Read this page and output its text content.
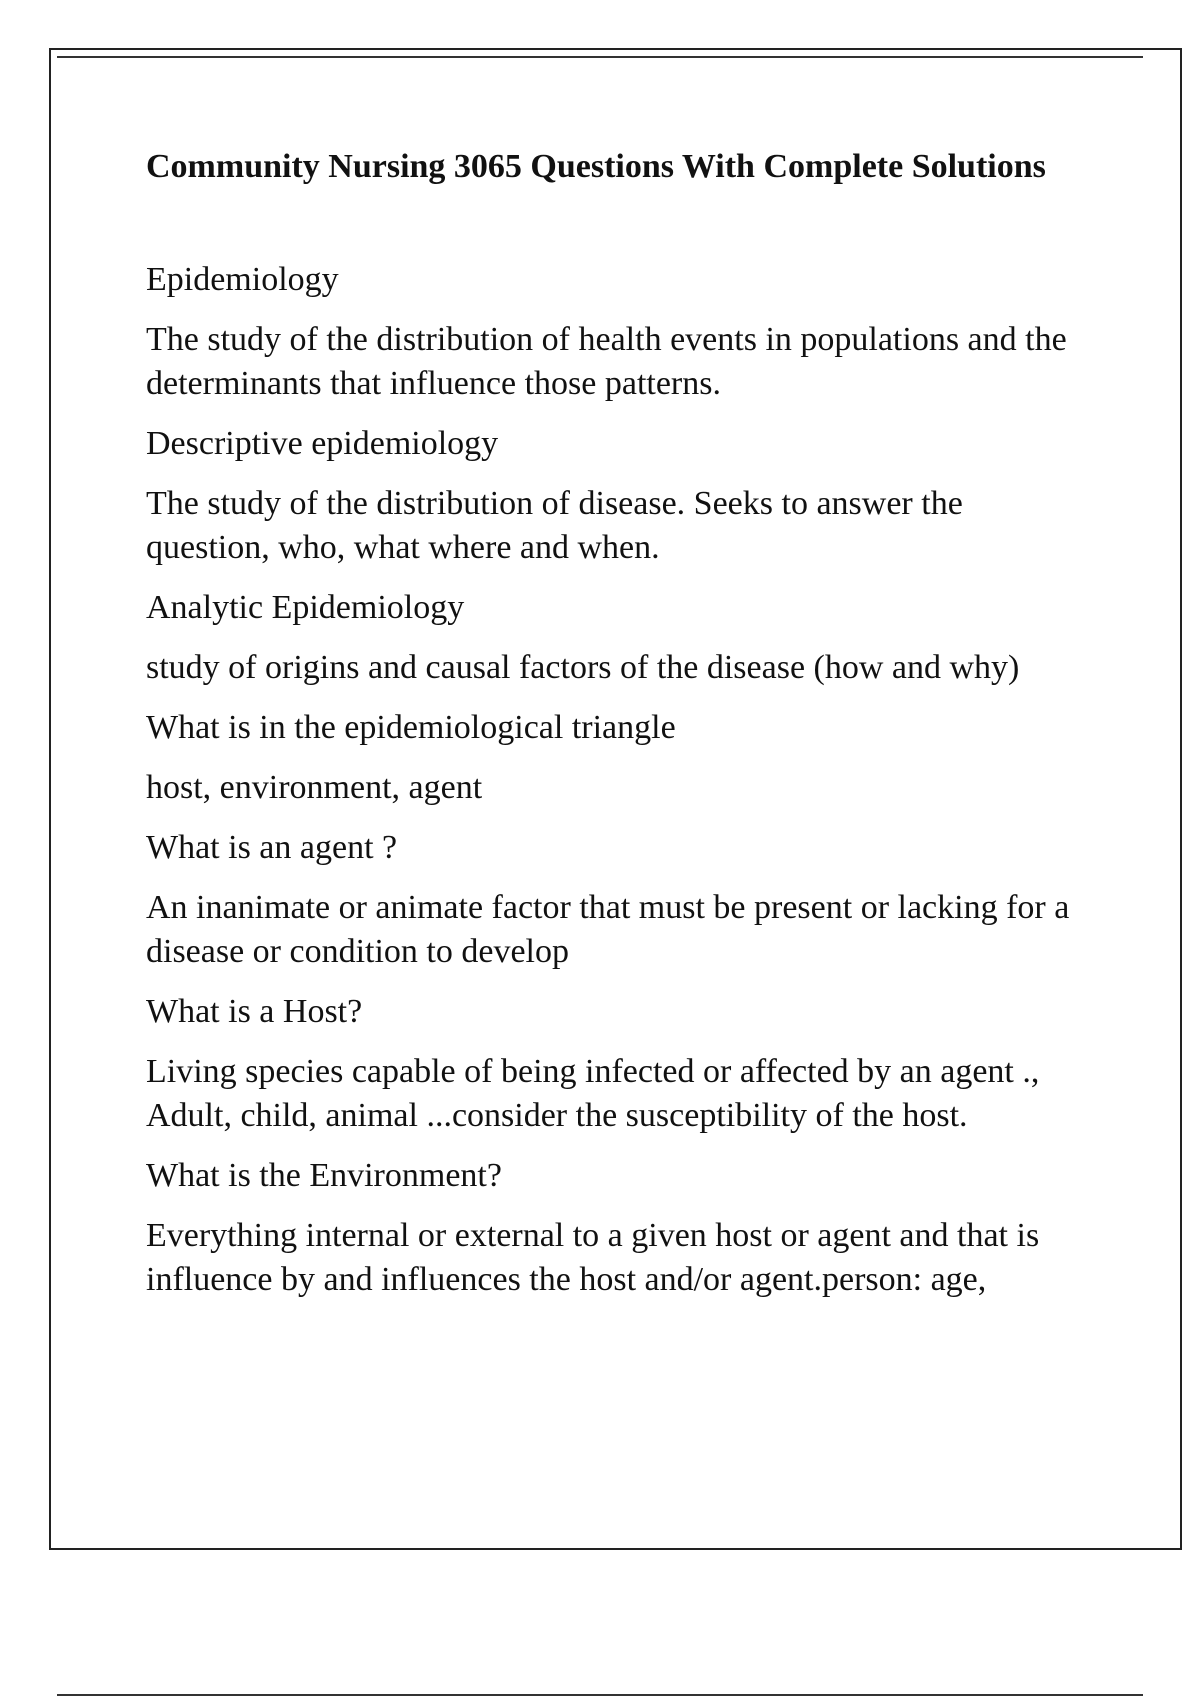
Community Nursing 3065 Questions With Complete Solutions

Epidemiology

The study of the distribution of health events in populations and the determinants that influence those patterns.

Descriptive epidemiology

The study of the distribution of disease. Seeks to answer the question, who, what where and when.

Analytic Epidemiology

study of origins and causal factors of the disease (how and why)

What is in the epidemiological triangle

host, environment, agent

What is an agent ?

An inanimate or animate factor that must be present or lacking for a disease or condition to develop

What is a Host?

Living species capable of being infected or affected by an agent ., Adult, child, animal ...consider the susceptibility of the host.

What is the Environment?

Everything internal or external to a given host or agent and that is influence by and influences the host and/or agent.person: age,
